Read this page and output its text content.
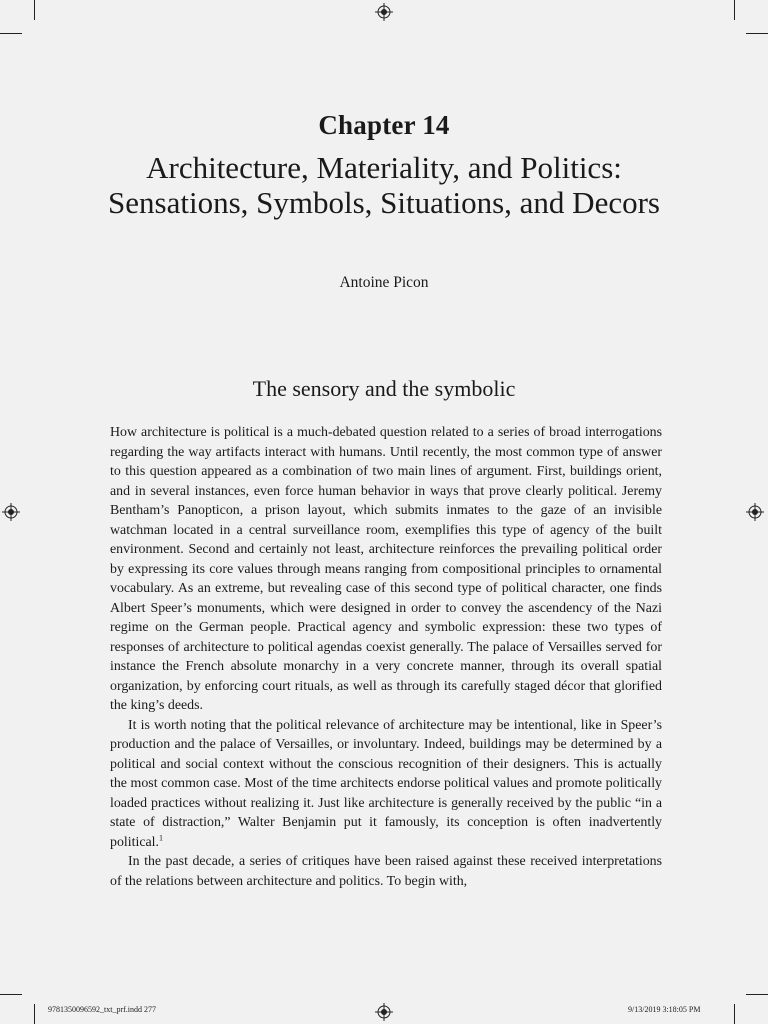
Chapter 14
Architecture, Materiality, and Politics: Sensations, Symbols, Situations, and Decors
Antoine Picon
The sensory and the symbolic

How architecture is political is a much-debated question related to a series of broad interrogations regarding the way artifacts interact with humans. Until recently, the most common type of answer to this question appeared as a combination of two main lines of argument. First, buildings orient, and in several instances, even force human behavior in ways that prove clearly political. Jeremy Bentham’s Panopticon, a prison layout, which submits inmates to the gaze of an invisible watchman located in a central surveillance room, exemplifies this type of agency of the built environment. Second and certainly not least, architecture reinforces the prevailing political order by expressing its core values through means ranging from compositional principles to ornamental vocabulary. As an extreme, but revealing case of this second type of political character, one finds Albert Speer’s monuments, which were designed in order to convey the ascendency of the Nazi regime on the German people. Practical agency and symbolic expression: these two types of responses of architecture to political agendas coexist generally. The palace of Versailles served for instance the French absolute monarchy in a very concrete manner, through its overall spatial organization, by enforcing court rituals, as well as through its carefully staged décor that glorified the king’s deeds.

It is worth noting that the political relevance of architecture may be intentional, like in Speer’s production and the palace of Versailles, or involuntary. Indeed, buildings may be determined by a political and social context without the conscious recognition of their designers. This is actually the most common case. Most of the time architects endorse political values and promote politically loaded practices without realizing it. Just like architecture is generally received by the public “in a state of distraction,” Walter Benjamin put it famously, its conception is often inadvertently political.$^1$

In the past decade, a series of critiques have been raised against these received interpretations of the relations between architecture and politics. To begin with,

9781350096592_txt_prf.indd 277	9/13/2019 3:18:05 PM
